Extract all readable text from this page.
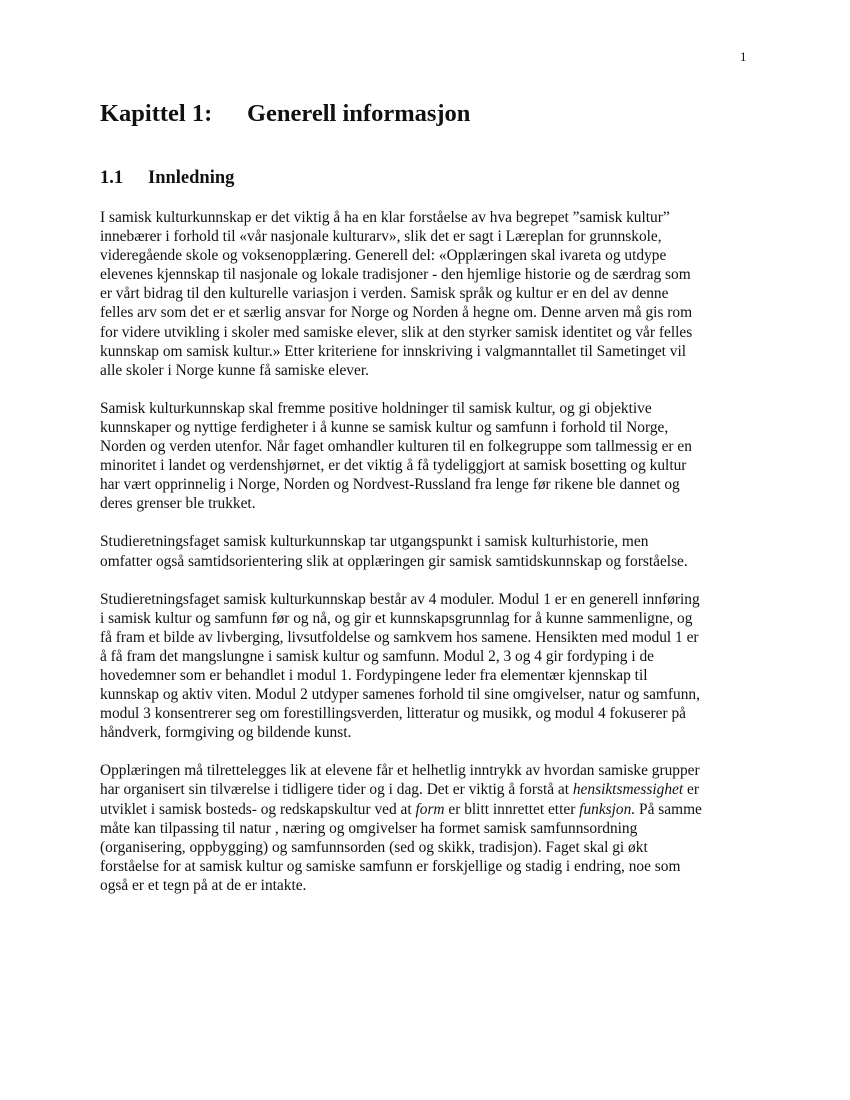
1
Kapittel 1: Generell informasjon
1.1 Innledning

I samisk kulturkunnskap er det viktig å ha en klar forståelse av hva begrepet ”samisk kultur”
innebærer i forhold til «vår nasjonale kulturarv», slik det er sagt i Læreplan for grunnskole,
videregående skole og voksenopplæring. Generell del: «Opplæringen skal ivareta og utdype
elevenes kjennskap til nasjonale og lokale tradisjoner - den hjemlige historie og de særdrag som
er vårt bidrag til den kulturelle variasjon i verden. Samisk språk og kultur er en del av denne
felles arv som det er et særlig ansvar for Norge og Norden å hegne om. Denne arven må gis rom
for videre utvikling i skoler med samiske elever, slik at den styrker samisk identitet og vår felles
kunnskap om samisk kultur.» Etter kriteriene for innskriving i valgmanntallet til Sametinget vil
alle skoler i Norge kunne få samiske elever.

Samisk kulturkunnskap skal fremme positive holdninger til samisk kultur, og gi objektive
kunnskaper og nyttige ferdigheter i å kunne se samisk kultur og samfunn i forhold til Norge,
Norden og verden utenfor. Når faget omhandler kulturen til en folkegruppe som tallmessig er en
minoritet i landet og verdenshjørnet, er det viktig å få tydeliggjort at samisk bosetting og kultur
har vært opprinnelig i Norge, Norden og Nordvest-Russland fra lenge før rikene ble dannet og
deres grenser ble trukket.

Studieretningsfaget samisk kulturkunnskap tar utgangspunkt i samisk kulturhistorie, men
omfatter også samtidsorientering slik at opplæringen gir samisk samtidskunnskap og forståelse.

Studieretningsfaget samisk kulturkunnskap består av 4 moduler. Modul 1 er en generell innføring
i samisk kultur og samfunn før og nå, og gir et kunnskapsgrunnlag for å kunne sammenligne, og
få fram et bilde av livberging, livsutfoldelse og samkvem hos samene. Hensikten med modul 1 er
å få fram det mangslungne i samisk kultur og samfunn. Modul 2, 3 og 4 gir fordyping i de
hovedemner som er behandlet i modul 1. Fordypingene leder fra elementær kjennskap til
kunnskap og aktiv viten. Modul 2 utdyper samenes forhold til sine omgivelser, natur og samfunn,
modul 3 konsentrerer seg om forestillingsverden, litteratur og musikk, og modul 4 fokuserer på
håndverk, formgiving og bildende kunst.

Opplæringen må tilrettelegges lik at elevene får et helhetlig inntrykk av hvordan samiske grupper
har organisert sin tilværelse i tidligere tider og i dag. Det er viktig å forstå at hensiktsmessighet er
utviklet i samisk bosteds- og redskapskultur ved at form er blitt innrettet etter funksjon. På samme
måte kan tilpassing til natur , næring og omgivelser ha formet samisk samfunnsordning
(organisering, oppbygging) og samfunnsorden (sed og skikk, tradisjon). Faget skal gi økt
forståelse for at samisk kultur og samiske samfunn er forskjellige og stadig i endring, noe som
også er et tegn på at de er intakte.
